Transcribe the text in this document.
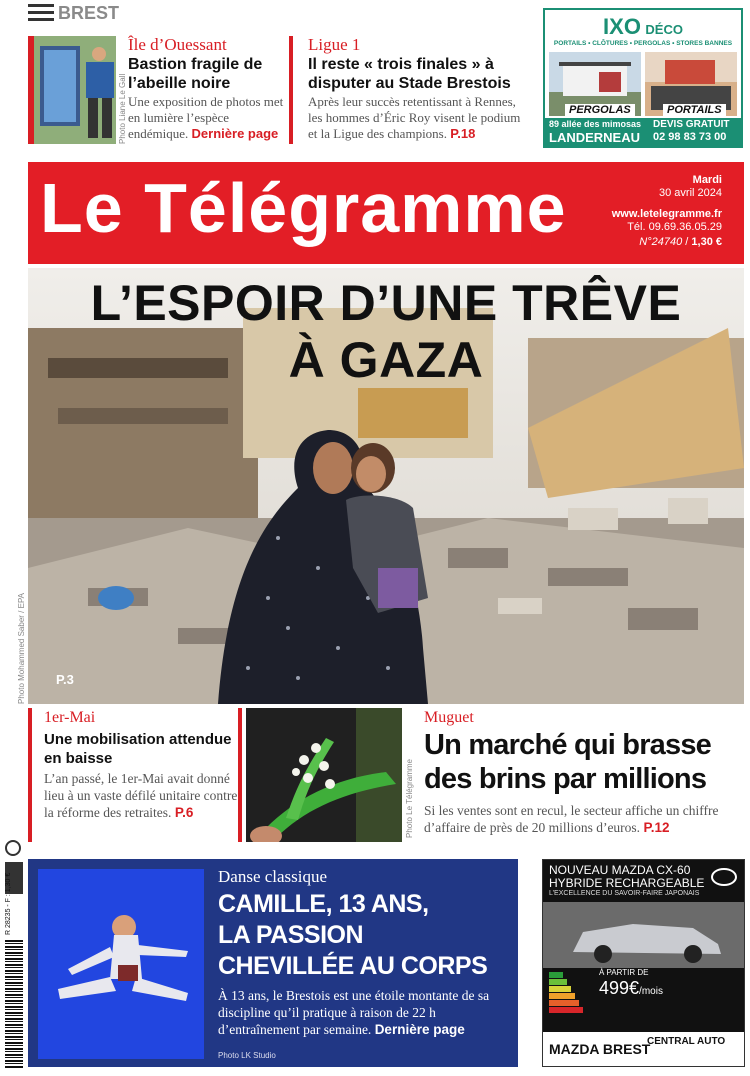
BREST
Photo Liane Le Gall
Île d’Ouessant
Bastion fragile de l’abeille noire
Une exposition de photos met en lumière l’espèce endémique. Dernière page
Ligue 1
Il reste « trois finales » à disputer au Stade Brestois
Après leur succès retentissant à Rennes, les hommes d’Éric Roy visent le podium et la Ligue des champions. P.18
IXO DÉCO
PORTAILS • CLÔTURES • PERGOLAS • STORES BANNES
PERGOLAS	PORTAILS
89 allée des mimosas
LANDERNEAU
DEVIS GRATUIT
02 98 83 73 00
Le Télégramme	Mardi
30 avril 2024
www.letelegramme.fr
Tél. 09.69.36.05.29
N°24740 / 1,30 €
L’ESPOIR D’UNE TRÊVE
À GAZA
P.3
Photo Mohammed Saber / EPA
1er-Mai
Une mobilisation attendue en baisse
L’an passé, le 1er-Mai avait donné lieu à un vaste défilé unitaire contre la réforme des retraites. P.6	Photo Le Télégramme
Muguet
Un marché qui brasse des brins par millions
Si les ventes sont en recul, le secteur affiche un chiffre d’affaire de près de 20 millions d’euros. P.12
R 28235 - F : 1,30 €	Danse classique
CAMILLE, 13 ANS,
LA PASSION
CHEVILLÉE AU CORPS
À 13 ans, le Brestois est une étoile montante de sa discipline qu’il pratique à raison de 22 h d’entraînement par semaine. Dernière page
Photo LK Studio
NOUVEAU MAZDA CX-60
HYBRIDE RECHARGEABLE
L’EXCELLENCE DU SAVOIR-FAIRE JAPONAIS
À PARTIR DE
499€/mois
MAZDA BREST
CENTRAL AUTO
